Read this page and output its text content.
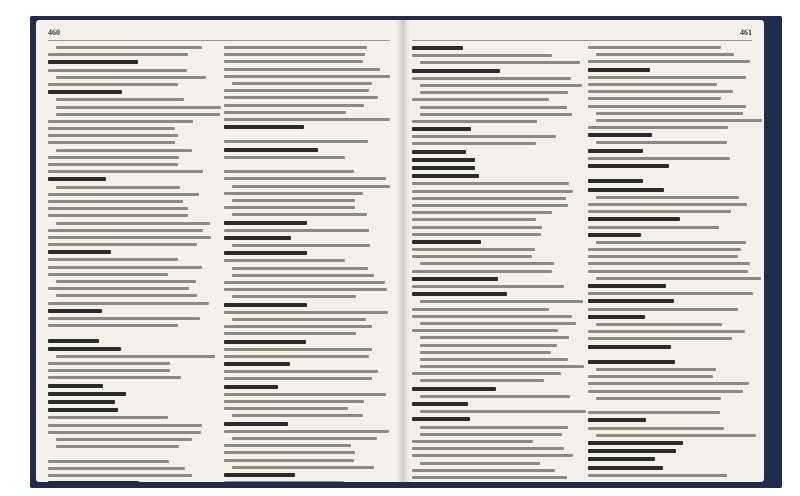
460	461
